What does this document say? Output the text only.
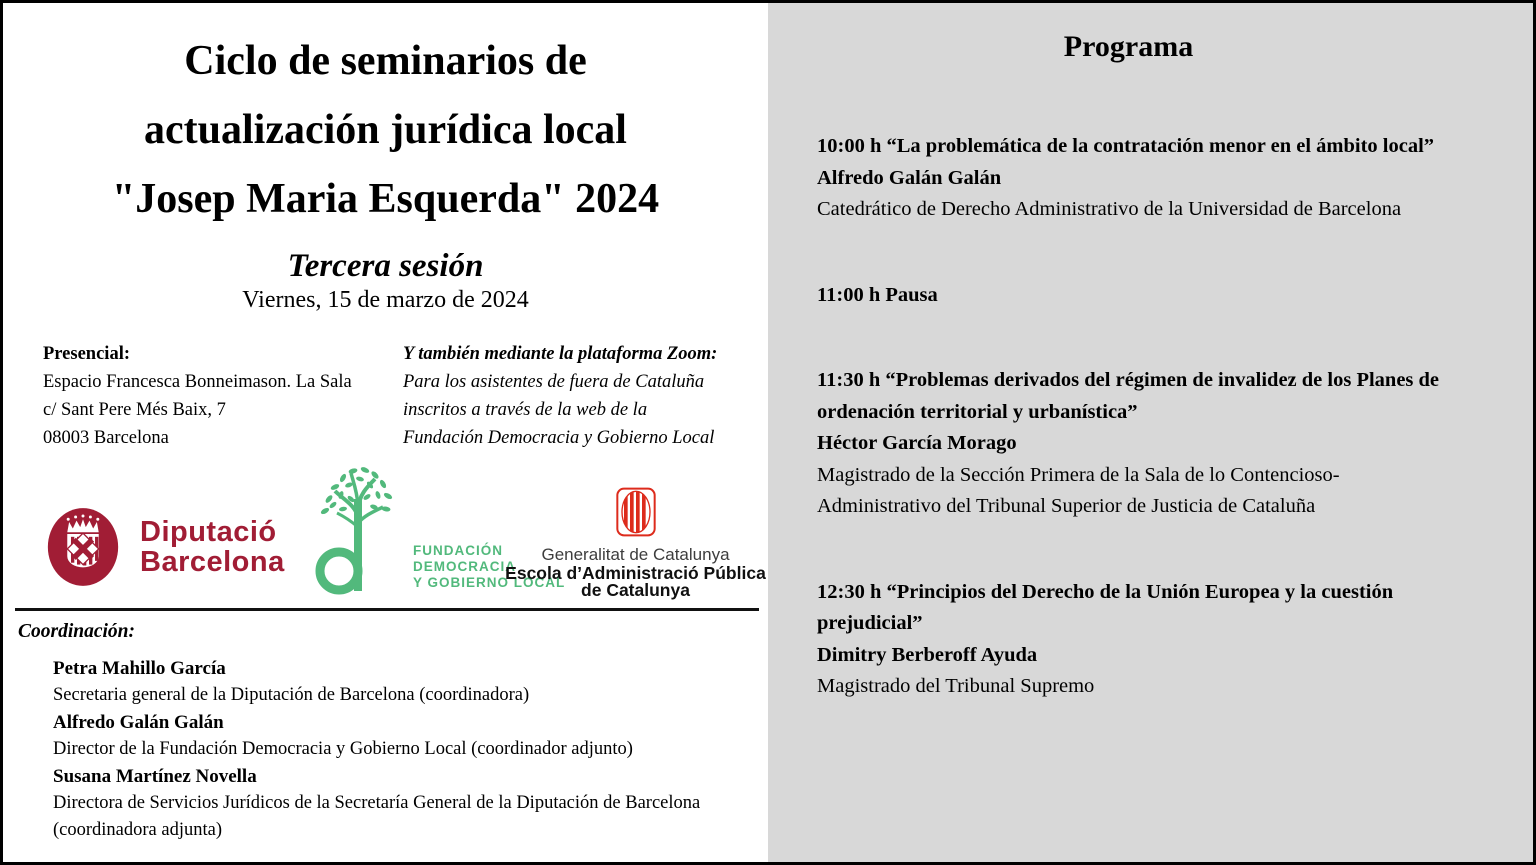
Ciclo de seminarios de
actualización jurídica local
"Josep Maria Esquerda" 2024
Tercera sesión
Viernes, 15 de marzo de 2024
Presencial:
Espacio Francesca Bonneimason. La Sala
c/ Sant Pere Més Baix, 7
08003 Barcelona
Y también mediante la plataforma Zoom:
Para los asistentes de fuera de Cataluña
inscritos a través de la web de la
Fundación Democracia y Gobierno Local
Diputació
Barcelona	FUNDACIÓN
DEMOCRACIA
Y GOBIERNO LOCAL
Generalitat de Catalunya
Escola d’Administració Pública
de Catalunya
Coordinación:
Petra Mahillo García
Secretaria general de la Diputación de Barcelona (coordinadora)
Alfredo Galán Galán
Director de la Fundación Democracia y Gobierno Local (coordinador adjunto)
Susana Martínez Novella
Directora de Servicios Jurídicos de la Secretaría General de la Diputación de Barcelona (coordinadora adjunta)
Programa
10:00 h “La problemática de la contratación menor en el ámbito local”
Alfredo Galán Galán
Catedrático de Derecho Administrativo de la Universidad de Barcelona
11:00 h Pausa
11:30 h “Problemas derivados del régimen de invalidez de los Planes de ordenación territorial y urbanística”
Héctor García Morago
Magistrado de la Sección Primera de la Sala de lo Contencioso-Administrativo del Tribunal Superior de Justicia de Cataluña
12:30 h “Principios del Derecho de la Unión Europea y la cuestión prejudicial”
Dimitry Berberoff Ayuda
Magistrado del Tribunal Supremo
